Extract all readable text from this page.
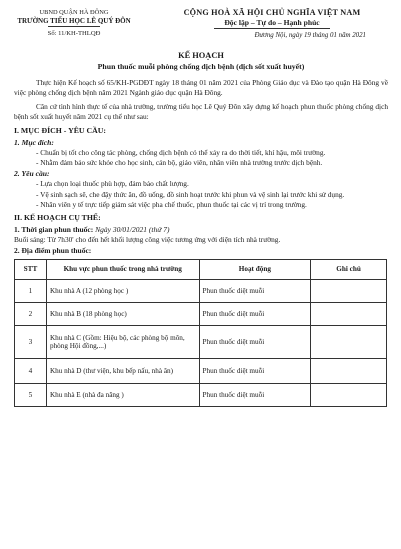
UBND QUẬN HÀ ĐÔNG
TRƯỜNG TIỂU HỌC LÊ QUÝ ĐÔN
Số: 11/KH-THLQĐ
CỘNG HOÀ XÃ HỘI CHỦ NGHĨA VIỆT NAM
Độc lập – Tự do – Hạnh phúc
Đương Nội, ngày 19 tháng 01 năm 2021
KẾ HOẠCH
Phun thuốc muỗi phòng chống dịch bệnh (dịch sốt xuất huyết)

Thực hiện Kế hoạch số 65/KH-PGDĐT ngày 18 tháng 01 năm 2021 của Phòng Giáo dục và Đào tạo quận Hà Đông về việc phòng chống dịch bệnh năm 2021 Ngành giáo dục quận Hà Đông.

Căn cứ tình hình thực tế của nhà trường, trường tiểu học Lê Quý Đôn xây dựng kế hoạch phun thuốc phòng chống dịch bệnh sốt xuất huyết năm 2021 cụ thể như sau:

I. MỤC ĐÍCH - YÊU CẦU:

1. Mục đích:

- Chuẩn bị tốt cho công tác phòng, chống dịch bệnh có thể xảy ra do thời tiết, khí hậu, môi trường.

- Nhằm đảm bảo sức khỏe cho học sinh, cán bộ, giáo viên, nhân viên nhà trường trước dịch bệnh.

2. Yêu cầu:

- Lựa chọn loại thuốc phù hợp, đảm bảo chất lượng.

- Vệ sinh sạch sẽ, che đậy thức ăn, đồ uống, đồ sinh hoạt trước khi phun và vệ sinh lại trước khi sử dụng.

- Nhân viên y tế trực tiếp giám sát việc pha chế thuốc, phun thuốc tại các vị trí trong trường.

II. KẾ HOẠCH CỤ THỂ:

1. Thời gian phun thuốc: Ngày 30/01/2021 (thứ 7)

Buổi sáng: Từ 7h30' cho đến hết khối lượng công việc tương ứng với diện tích nhà trường.

2. Địa điểm phun thuốc:

STT	Khu vực phun thuốc trong nhà trường	Hoạt động	Ghi chú
1	Khu nhà A (12 phòng học )	Phun thuốc diệt muỗi	
2	Khu nhà B (18 phòng học)	Phun thuốc diệt muỗi	
3	Khu nhà C (Gồm: Hiệu bộ, các phòng bộ môn, phòng Hội đồng,...)	Phun thuốc diệt muỗi	
4	Khu nhà D (thư viện, khu bếp nấu, nhà ăn)	Phun thuốc diệt muỗi	
5	Khu nhà E (nhà đa năng )	Phun thuốc diệt muỗi	
